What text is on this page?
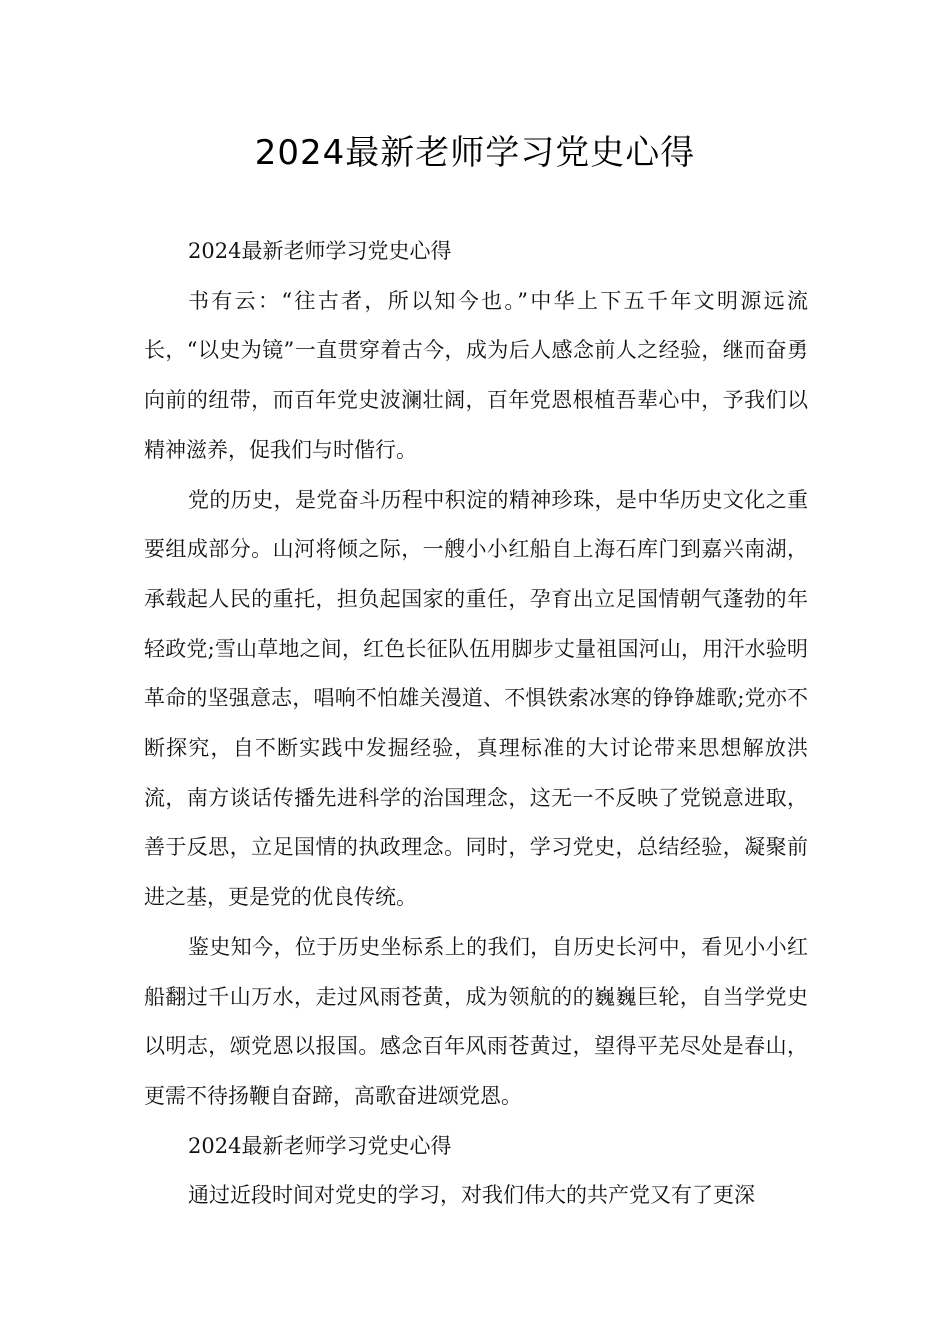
2024最新老师学习党史心得

2024最新老师学习党史心得

书有云：“往古者，所以知今也。”中华上下五千年文明源远流长，“以史为镜”一直贯穿着古今，成为后人感念前人之经验，继而奋勇向前的纽带，而百年党史波澜壮阔，百年党恩根植吾辈心中，予我们以精神滋养，促我们与时偕行。

党的历史，是党奋斗历程中积淀的精神珍珠，是中华历史文化之重要组成部分。山河将倾之际，一艘小小红船自上海石库门到嘉兴南湖，承载起人民的重托，担负起国家的重任，孕育出立足国情朝气蓬勃的年轻政党;雪山草地之间，红色长征队伍用脚步丈量祖国河山，用汗水验明革命的坚强意志，唱响不怕雄关漫道、不惧铁索冰寒的铮铮雄歌;党亦不断探究，自不断实践中发掘经验，真理标准的大讨论带来思想解放洪流，南方谈话传播先进科学的治国理念，这无一不反映了党锐意进取，善于反思，立足国情的执政理念。同时，学习党史，总结经验，凝聚前进之基，更是党的优良传统。

鉴史知今，位于历史坐标系上的我们，自历史长河中，看见小小红船翻过千山万水，走过风雨苍黄，成为领航的的巍巍巨轮，自当学党史以明志，颂党恩以报国。感念百年风雨苍黄过，望得平芜尽处是春山，更需不待扬鞭自奋蹄，高歌奋进颂党恩。

2024最新老师学习党史心得

通过近段时间对党史的学习，对我们伟大的共产党又有了更深
